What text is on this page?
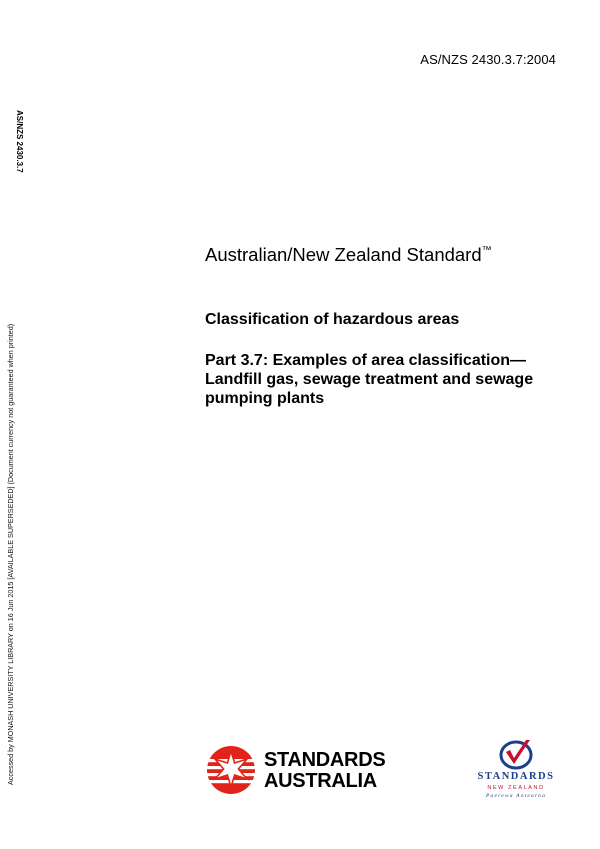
AS/NZS 2430.3.7:2004
AS/NZS 2430.3.7
Accessed by MONASH UNIVERSITY LIBRARY on 16 Jun 2015 [AVAILABLE SUPERSEDED] (Document currency not guaranteed when printed)
Australian/New Zealand Standard™
Classification of hazardous areas
Part 3.7: Examples of area classification—Landfill gas, sewage treatment and sewage pumping plants
STANDARDS
AUSTRALIA	STANDARDS
NEW ZEALAND
Paerewa Aotearoa
